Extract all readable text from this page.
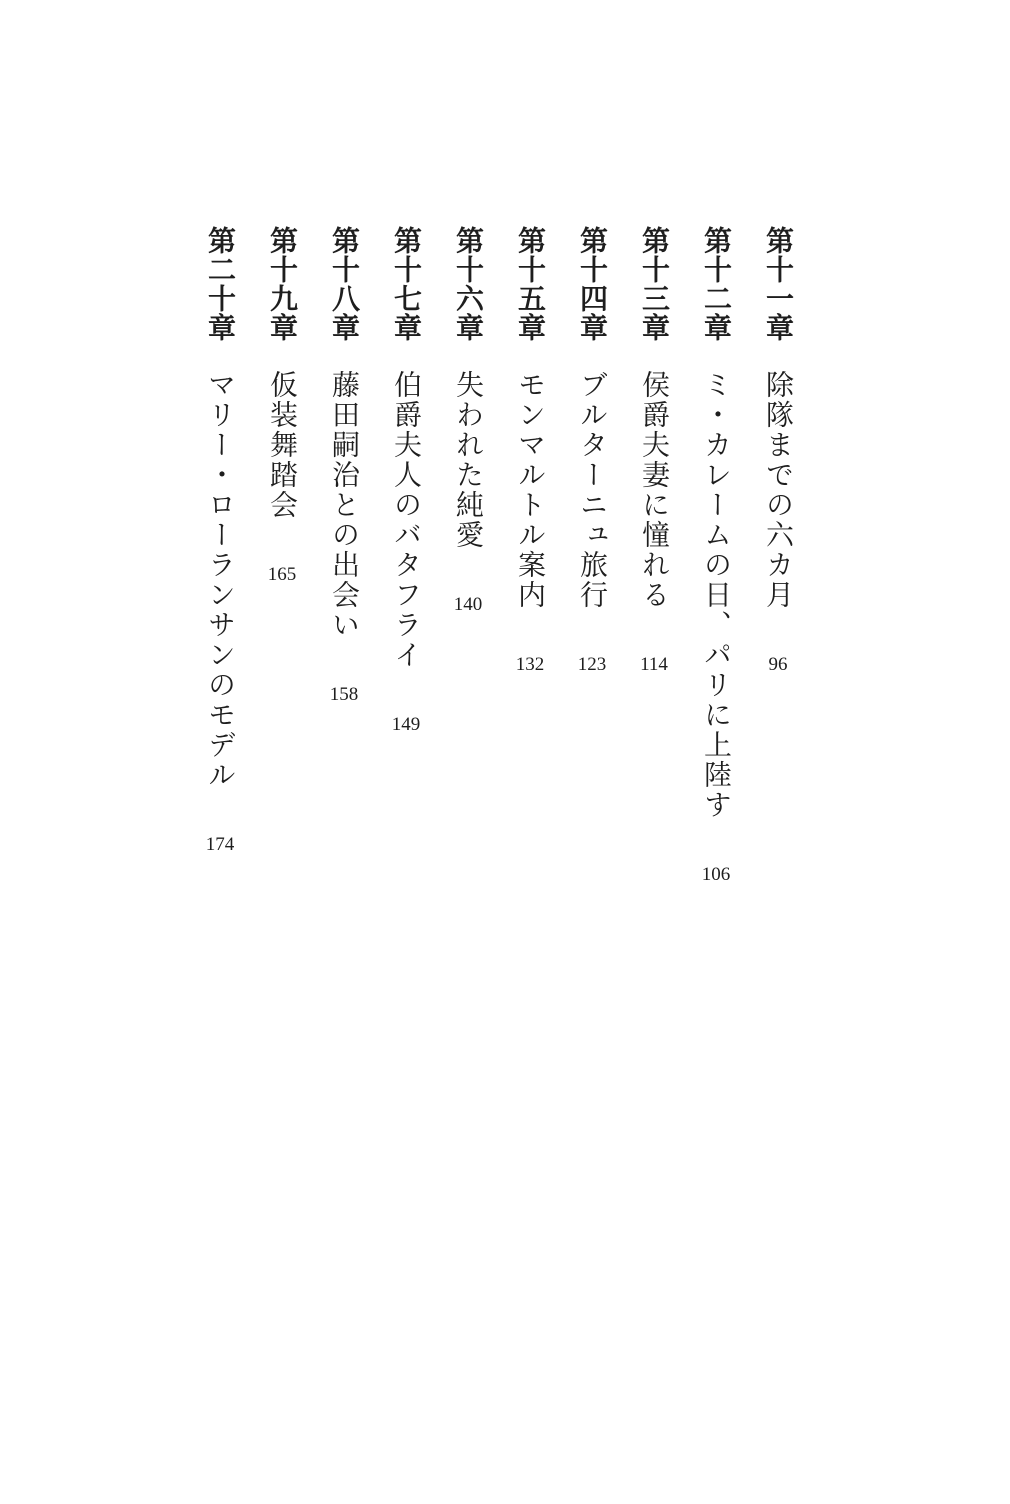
第十一章
除隊までの六カ月
96
第十二章
ミ・カレームの日、パリに上陸す
106
第十三章
侯爵夫妻に憧れる
114
第十四章
ブルターニュ旅行
123
第十五章
モンマルトル案内
132
第十六章
失われた純愛
140
第十七章
伯爵夫人のバタフライ
149
第十八章
藤田嗣治との出会い
158
第十九章
仮装舞踏会
165
第二十章
マリー・ローランサンのモデル
174
